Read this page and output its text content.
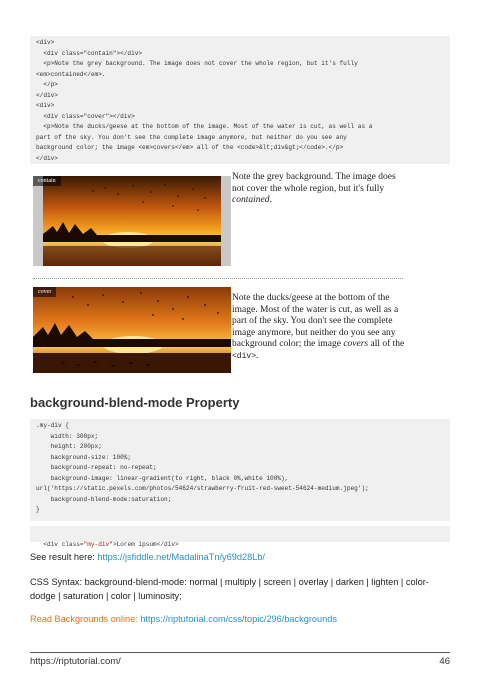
<div>
<div class="contain"></div>
<p>Note the grey background. The image does not cover the whole region, but it's fully
<em>contained</em>.
</p>
</div>
<div>
<div class="cover"></div>
<p>Note the ducks/geese at the bottom of the image. Most of the water is cut, as well as a
part of the sky. You don't see the complete image anymore, but neither do you see any
background color; the image <em>covers</em> all of the <code>&lt;div&gt;</code>.</p>
</div>
contain	Note the grey background. The image does not cover the whole region, but it's fully contained.
cover
Note the ducks/geese at the bottom of the image. Most of the water is cut, as well as a part of the sky. You don't see the complete image anymore, but neither do you see any background color; the image covers all of the <div>.
background-blend-mode Property
.my-div {
width: 300px;
height: 200px;
background-size: 100%;
background-repeat: no-repeat;
background-image: linear-gradient(to right, black 0%,white 100%),
url('https://static.pexels.com/photos/54624/strawberry-fruit-red-sweet-54624-medium.jpeg');
background-blend-mode:saturation;
}

<div class="my-div">Lorem ipsum</div>

See result here: https://jsfiddle.net/MadalinaTn/y69d28Lb/
CSS Syntax: background-blend-mode: normal | multiply | screen | overlay | darken | lighten | color-dodge | saturation | color | luminosity;
Read Backgrounds online: https://riptutorial.com/css/topic/296/backgrounds
https://riptutorial.com/	46
